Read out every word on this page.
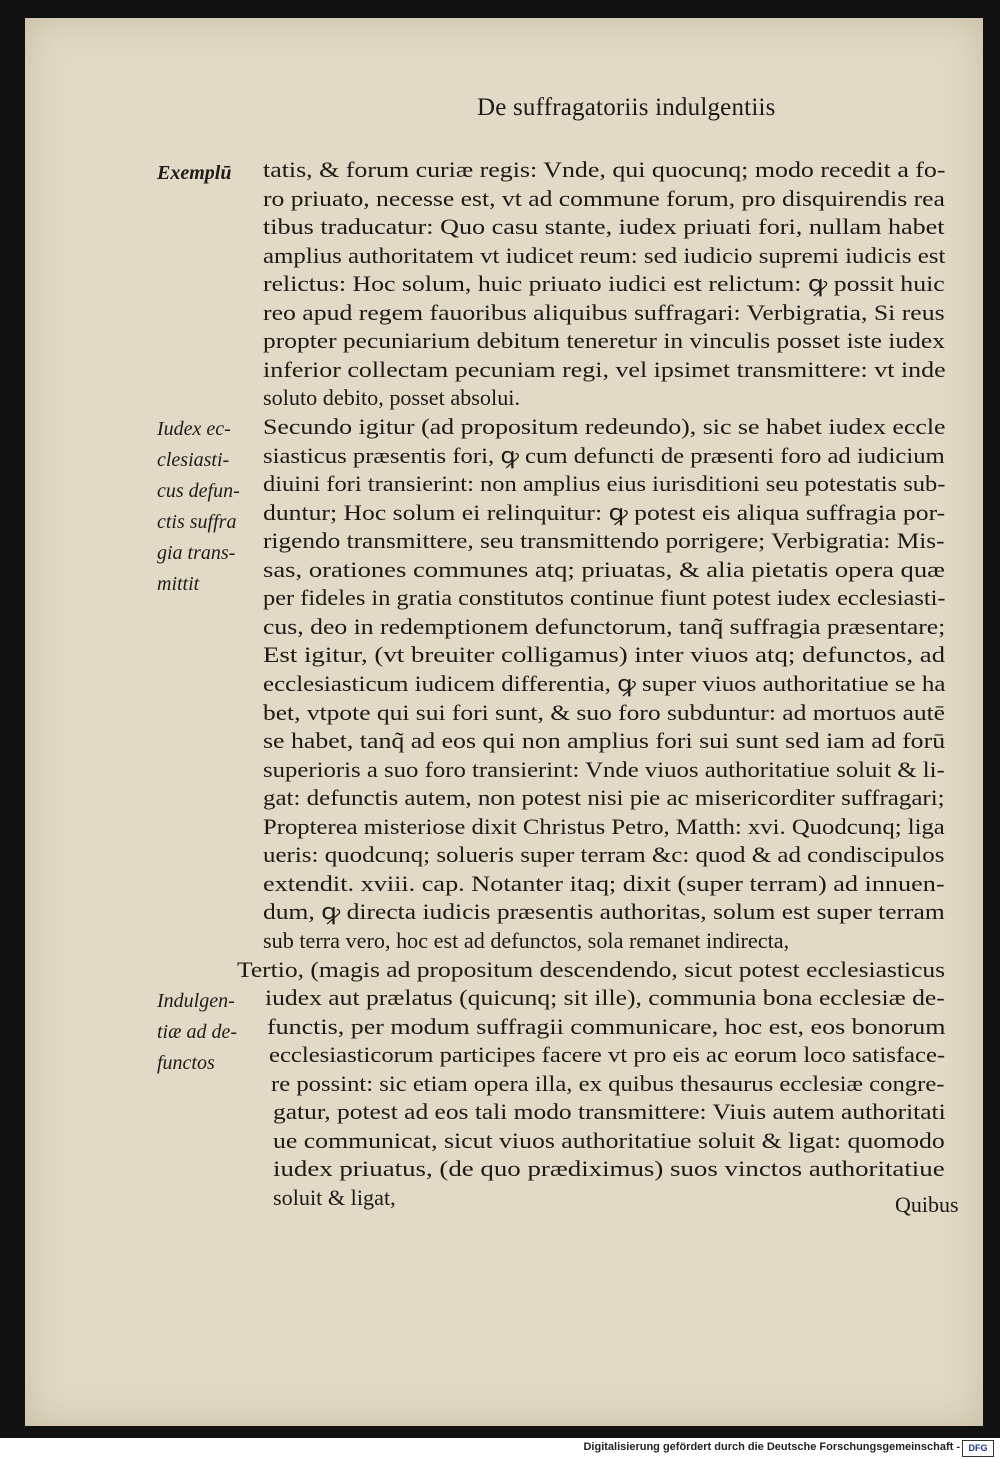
De suffragatoriis indulgentiis
Exemplū
Iudex ec-
clesiasti-
cus defun-
ctis suffra
gia trans-
mittit
Indulgen-
tiæ ad de-
functos
tatis, & forum curiæ regis: Vnde, qui quocunq; modo recedit a fo-
ro priuato, necesse est, vt ad commune forum, pro disquirendis rea
tibus traducatur: Quo casu stante, iudex priuati fori, nullam habet
amplius authoritatem vt iudicet reum: sed iudicio supremi iudicis est
relictus: Hoc solum, huic priuato iudici est relictum: ꝙ possit huic
reo apud regem fauoribus aliquibus suffragari: Verbigratia, Si reus
propter pecuniarium debitum teneretur in vinculis posset iste iudex
inferior collectam pecuniam regi, vel ipsimet transmittere: vt inde
soluto debito, posset absolui.
Secundo igitur (ad propositum redeundo), sic se habet iudex eccle
siasticus præsentis fori, ꝙ cum defuncti de præsenti foro ad iudicium
diuini fori transierint: non amplius eius iurisditioni seu potestatis sub-
duntur; Hoc solum ei relinquitur: ꝙ potest eis aliqua suffragia por-
rigendo transmittere, seu transmittendo porrigere; Verbigratia: Mis-
sas, orationes communes atq; priuatas, & alia pietatis opera quæ
per fideles in gratia constitutos continue fiunt potest iudex ecclesiasti-
cus, deo in redemptionem defunctorum, tanq̃ suffragia præsentare;
Est igitur, (vt breuiter colligamus) inter viuos atq; defunctos, ad
ecclesiasticum iudicem differentia, ꝙ super viuos authoritatiue se ha
bet, vtpote qui sui fori sunt, & suo foro subduntur: ad mortuos autē
se habet, tanq̃ ad eos qui non amplius fori sui sunt sed iam ad forū
superioris a suo foro transierint: Vnde viuos authoritatiue soluit & li-
gat: defunctis autem, non potest nisi pie ac misericorditer suffragari;
Propterea misteriose dixit Christus Petro, Matth: xvi. Quodcunq; liga
ueris: quodcunq; solueris super terram &c: quod & ad condiscipulos
extendit. xviii. cap. Notanter itaq; dixit (super terram) ad innuen-
dum, ꝙ directa iudicis præsentis authoritas, solum est super terram
sub terra vero, hoc est ad defunctos, sola remanet indirecta,
Tertio, (magis ad propositum descendendo, sicut potest ecclesiasticus
iudex aut prælatus (quicunq; sit ille), communia bona ecclesiæ de-
functis, per modum suffragii communicare, hoc est, eos bonorum
ecclesiasticorum participes facere vt pro eis ac eorum loco satisface-
re possint: sic etiam opera illa, ex quibus thesaurus ecclesiæ congre-
gatur, potest ad eos tali modo transmittere: Viuis autem authoritati
ue communicat, sicut viuos authoritatiue soluit & ligat: quomodo
iudex priuatus, (de quo prædiximus) suos vinctos authoritatiue
soluit & ligat,	Quibus
Digitalisierung gefördert durch die Deutsche Forschungsgemeinschaft - DFG
